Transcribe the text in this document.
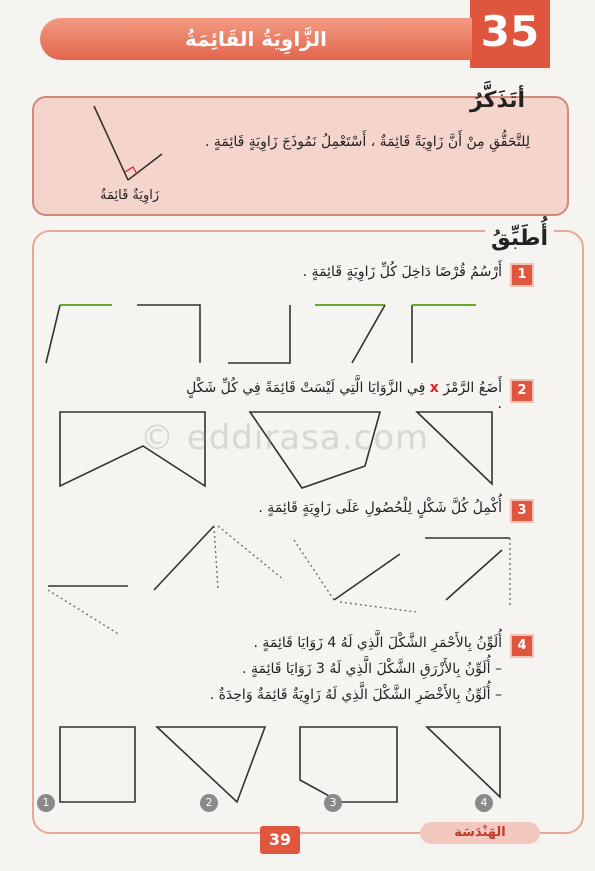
35
الزَّاوِيَةُ القَائِمَةُ
أتَذَكَّرُ
لِلتَّحَقُّقِ مِنْ أَنَّ زَاوِيَةً قَائِمَةٌ ، أَسْتَعْمِلُ نَمُوذَجَ زَاوِيَةٍ قَائِمَةٍ .
زَاوِيَةٌ قَائِمَةٌ
أُطَبِّقُ
1
أَرْسُمُ قُرْصًا دَاخِلَ كُلِّ زَاوِيَةٍ قَائِمَةٍ .
2
أَضَعُ الرَّمْزَ x فِي الزَّوَايَا الَّتِي لَيْسَتْ قَائِمَةً فِي كُلِّ شَكْلٍ .
© eddirasa.com
3
أُكْمِلُ كُلَّ شَكْلٍ لِلْحُصُولِ عَلَى زَاوِيَةٍ قَائِمَةٍ .
4
أُلَوِّنُ بِالأَحْمَرِ الشَّكْلَ الَّذِي لَهُ 4 زَوَايَا قَائِمَةٍ .
– أُلَوِّنُ بِالأَزْرَقِ الشَّكْلَ الَّذِي لَهُ 3 زَوَايَا قَائِمَةٍ .
– أُلَوِّنُ بِالأَخْضَرِ الشَّكْلَ الَّذِي لَهُ زَاوِيَةٌ قَائِمَةٌ وَاحِدَةٌ .
1	2	3	4
39	الهَنْدَسَة
